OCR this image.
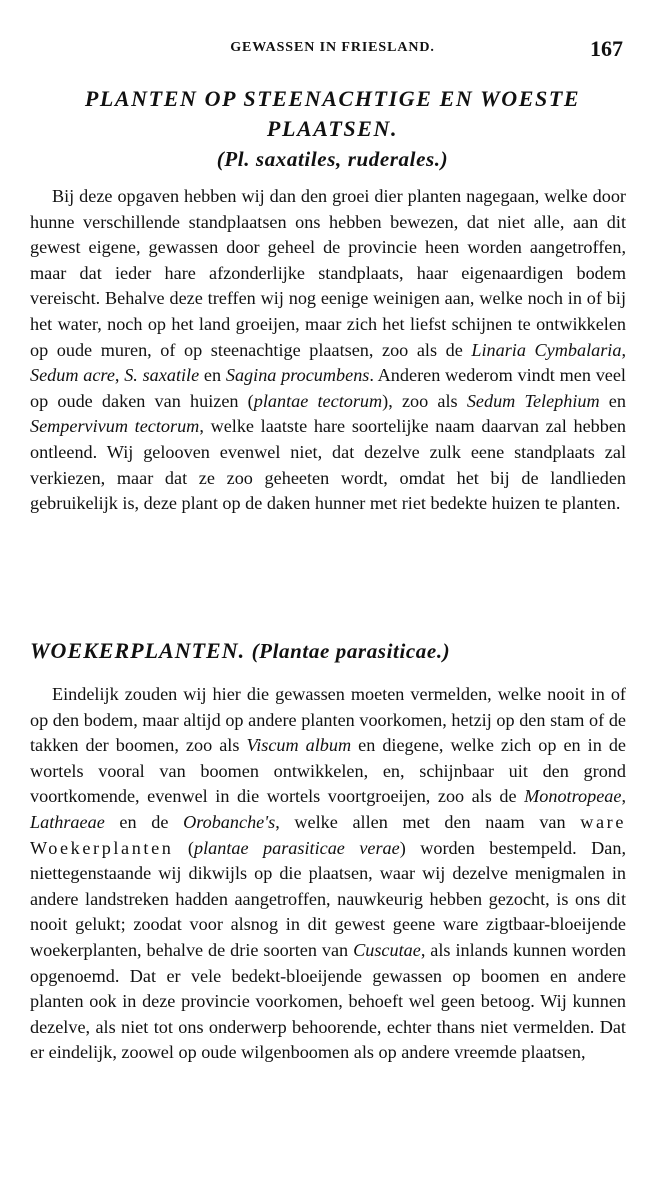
GEWASSEN IN FRIESLAND.	167
PLANTEN OP STEENACHTIGE EN WOESTE
PLAATSEN.
(Pl. saxatiles, ruderales.)
Bij deze opgaven hebben wij dan den groei dier planten nagegaan, welke door hunne verschillende standplaatsen ons hebben bewezen, dat niet alle, aan dit gewest eigene, gewassen door geheel de provincie heen worden aangetroffen, maar dat ieder hare afzonderlijke standplaats, haar eigenaardigen bodem vereischt. Behalve deze treffen wij nog eenige weinigen aan, welke noch in of bij het water, noch op het land groeijen, maar zich het liefst schijnen te ontwikkelen op oude muren, of op steenachtige plaatsen, zoo als de Linaria Cymbalaria, Sedum acre, S. saxatile en Sagina procumbens. Anderen wederom vindt men veel op oude daken van huizen (plantae tectorum), zoo als Sedum Telephium en Sempervivum tectorum, welke laatste hare soortelijke naam daarvan zal hebben ontleend. Wij gelooven evenwel niet, dat dezelve zulk eene standplaats zal verkiezen, maar dat ze zoo geheeten wordt, omdat het bij de landlieden gebruikelijk is, deze plant op de daken hunner met riet bedekte huizen te planten.
WOEKERPLANTEN. (Plantae parasiticae.)
Eindelijk zouden wij hier die gewassen moeten vermelden, welke nooit in of op den bodem, maar altijd op andere planten voorkomen, hetzij op den stam of de takken der boomen, zoo als Viscum album en diegene, welke zich op en in de wortels vooral van boomen ontwikkelen, en, schijnbaar uit den grond voortkomende, evenwel in die wortels voortgroeijen, zoo als de Monotropeae, Lathraeae en de Orobanche's, welke allen met den naam van ware Woekerplanten (plantae parasiticae verae) worden bestempeld. Dan, niettegenstaande wij dikwijls op die plaatsen, waar wij dezelve menigmalen in andere landstreken hadden aangetroffen, nauwkeurig hebben gezocht, is ons dit nooit gelukt; zoodat voor alsnog in dit gewest geene ware zigtbaar-bloeijende woekerplanten, behalve de drie soorten van Cuscutae, als inlands kunnen worden opgenoemd. Dat er vele bedekt-bloeijende gewassen op boomen en andere planten ook in deze provincie voorkomen, behoeft wel geen betoog. Wij kunnen dezelve, als niet tot ons onderwerp behoorende, echter thans niet vermelden. Dat er eindelijk, zoowel op oude wilgenboomen als op andere vreemde plaatsen,
